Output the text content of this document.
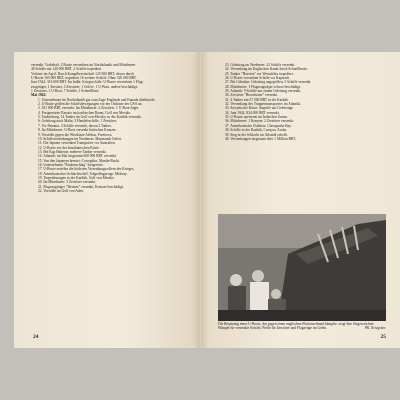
versenkt. Vorbehalt: 2 Boote versenkten im Nordatlantik und Mittelmeer
40 Schiffe mit 140 000 BRT. 2 Schiffe torpediert.
Verluste im April: Durch Kampfbereitschaft 125 000 BRT, davon durch
U-Boote 165 000 BRT, torpediert 16 weitere Schiffe. Ohne 320 000 BRT.
Juni 1942: 316 000 BRT. Im Indik: Kriegsschiffe: U-Boote versenkten 1 Flug-
zeugträger, 1 Kreuzer, 3 Zerstörer, 1 Geleit-, 1 U-Boot, andere beschädigt:
1 Zerstörer, 1 U-Boot, 7 Schiffe, 1 Schnellboot.
Mai 1942:
1. Unternehmen im Nordatlantik gut zum Zuge Englands und Kanada überbracht.
2. U-Boote griffen die Schiffsbewegungen vor der Ostküste der USA an.
3. 181 000 BRT versenkt. Im Mittelmeer: 2 Zerstörer, 1 U-Boot-Jäger.
4. Fortgesetzter Einsatz im karibischen Raum, Golf von Mexiko.
5. Tankerkrieg: 14 Tanker im Golf von Mexiko, in der Karibik versenkt.
6. Geleitzug nach Malta: 3 Handelsschiffe, 1 Zerstörer.
7. Vor Panama: 3 Schiffe versenkt, davon 2 Tanker.
8. Im Mittelmeer: U-Boot versenkt britischen Kreuzer.
9. Vorstöße gegen die Westküste Afrikas, Freetown.
10. Schiffsversenkungen im Nordmeer, Murmansk-Geleit.
11. Die Japaner versenken Transporter vor Australien.
12. U-Boote vor der brasilianischen Küste.
13. Bei Kap Hatteras: mehrere Tanker versenkt.
14. Atlantik: im Mai insgesamt 600 000 BRT versenkt.
15. Von den Japanern besetzt: Corregidor, Manila-Bucht.
16. Unternehmen "Paukenschlag" fortgesetzt.
17. U-Boote erzielen die höchsten Versenkungsziffern des Krieges.
18. Amerikanisches Schlachtschiff, Trägerflugzeuge, Midway.
19. Torpedierungen in der Karibik, Golf von Mexiko.
20. Im Mittelmeer: 3 Zerstörer versenkt.
21. Flugzeugträger "Hermes" versenkt, Kreuzer beschädigt.
22. Vorstöße im Golf von Aden.
24
23. Geleitzug im Nordmeer: 22 Schiffe versenkt.
24. Versenkung im Englischen Kanal durch Schnellboote.
25. Tanker "Havsten" vor Westafrika torpediert.
26. U-Boote versenken Schiffe vor Kapstadt.
27. Bei Gibraltar: Geleitzug angegriffen, 5 Schiffe versenkt.
28. Mittelmeer: 1 Flugzeugträger schwer beschädigt.
29. Atlantik: 9 Schiffe aus einem Geleitzug versenkt.
30. Zerstörer "Broadwater" versenkt.
31. 4 Tanker mit 37 000 BRT in der Karibik.
32. Versenkung des Truppentransporters im Atlantik.
33. Sowjetische Küste: Angriffe auf Geleitzüge.
34. Juni 1942: 834 000 BRT versenkt.
35. U-Boote operieren im Indischen Ozean.
36. Mittelmeer: 1 Kreuzer, 2 Zerstörer versenkt.
37. Amerikanische Ostküste, Chesapeake Bay.
38. Schiffe in der Karibik, Curaçao, Aruba.
39. Sieg in der Schlacht im Atlantik erhofft.
40. Versenkungen insgesamt über 1 Million BRT.
Die Besatzung eines U-Boots, das gegen einen englischen Flottenverband kämpfte, zeigt ihre Siegeszeichen: Wimpel für versenkte Schiffe, Pfeile für Zerstörer und Flugzeuge im Geleit.	PK. Kriegsber.
25
